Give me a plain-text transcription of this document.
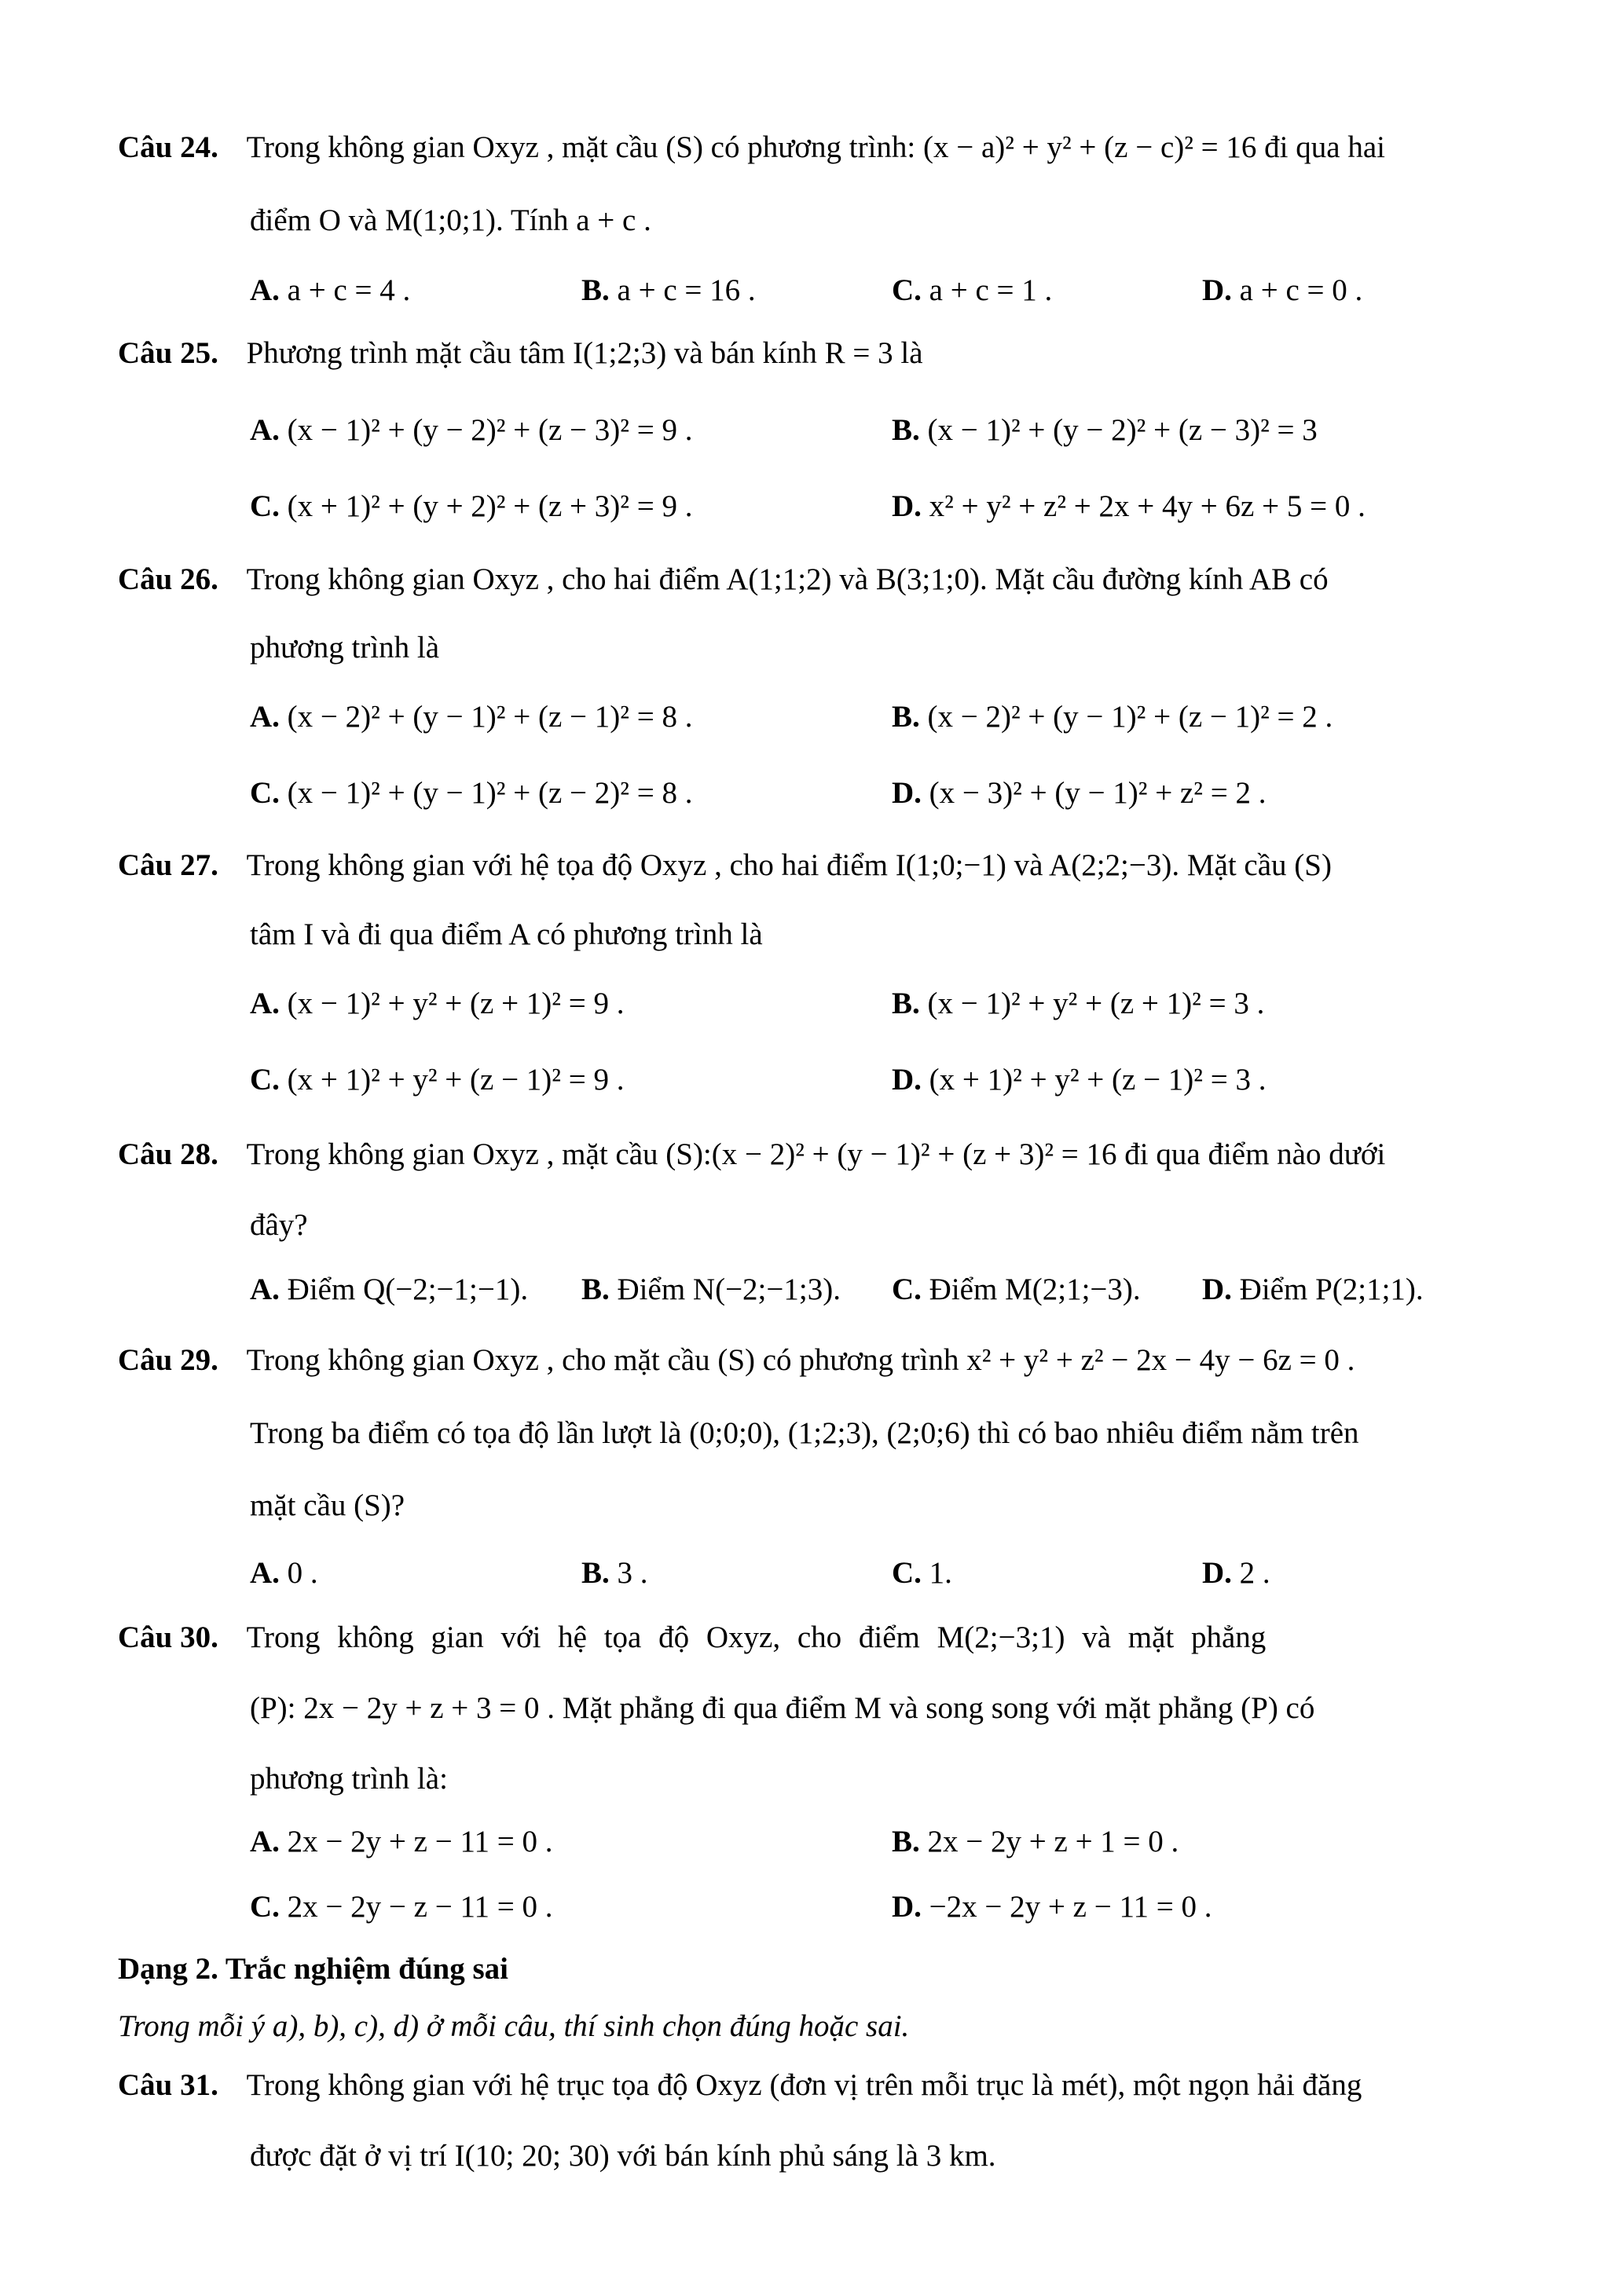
Câu 24. Trong không gian Oxyz , mặt cầu (S) có phương trình: (x − a)² + y² + (z − c)² = 16 đi qua hai
điểm O và M(1;0;1). Tính a + c .
A. a + c = 4 .	B. a + c = 16 .	C. a + c = 1 .	D. a + c = 0 .
Câu 25. Phương trình mặt cầu tâm I(1;2;3) và bán kính R = 3 là
A. (x − 1)² + (y − 2)² + (z − 3)² = 9 .	B. (x − 1)² + (y − 2)² + (z − 3)² = 3
C. (x + 1)² + (y + 2)² + (z + 3)² = 9 .	D. x² + y² + z² + 2x + 4y + 6z + 5 = 0 .
Câu 26. Trong không gian Oxyz , cho hai điểm A(1;1;2) và B(3;1;0). Mặt cầu đường kính AB có
phương trình là
A. (x − 2)² + (y − 1)² + (z − 1)² = 8 .	B. (x − 2)² + (y − 1)² + (z − 1)² = 2 .
C. (x − 1)² + (y − 1)² + (z − 2)² = 8 .	D. (x − 3)² + (y − 1)² + z² = 2 .
Câu 27. Trong không gian với hệ tọa độ Oxyz , cho hai điểm I(1;0;−1) và A(2;2;−3). Mặt cầu (S)
tâm I và đi qua điểm A có phương trình là
A. (x − 1)² + y² + (z + 1)² = 9 .	B. (x − 1)² + y² + (z + 1)² = 3 .
C. (x + 1)² + y² + (z − 1)² = 9 .	D. (x + 1)² + y² + (z − 1)² = 3 .
Câu 28. Trong không gian Oxyz , mặt cầu (S):(x − 2)² + (y − 1)² + (z + 3)² = 16 đi qua điểm nào dưới
đây?
A. Điểm Q(−2;−1;−1). B. Điểm N(−2;−1;3). C. Điểm M(2;1;−3). D. Điểm P(2;1;1).
Câu 29. Trong không gian Oxyz , cho mặt cầu (S) có phương trình x² + y² + z² − 2x − 4y − 6z = 0 .
Trong ba điểm có tọa độ lần lượt là (0;0;0), (1;2;3), (2;0;6) thì có bao nhiêu điểm nằm trên
mặt cầu (S)?
A. 0 .	B. 3 .	C. 1.	D. 2 .
Câu 30. Trong không gian với hệ tọa độ Oxyz, cho điểm M(2;−3;1) và mặt phẳng
(P): 2x − 2y + z + 3 = 0 . Mặt phẳng đi qua điểm M và song song với mặt phẳng (P) có
phương trình là:
A. 2x − 2y + z − 11 = 0 .	B. 2x − 2y + z + 1 = 0 .
C. 2x − 2y − z − 11 = 0 .	D. −2x − 2y + z − 11 = 0 .
Dạng 2. Trắc nghiệm đúng sai
Trong mỗi ý a), b), c), d) ở mỗi câu, thí sinh chọn đúng hoặc sai.
Câu 31. Trong không gian với hệ trục tọa độ Oxyz (đơn vị trên mỗi trục là mét), một ngọn hải đăng
được đặt ở vị trí I(10; 20; 30) với bán kính phủ sáng là 3 km.
